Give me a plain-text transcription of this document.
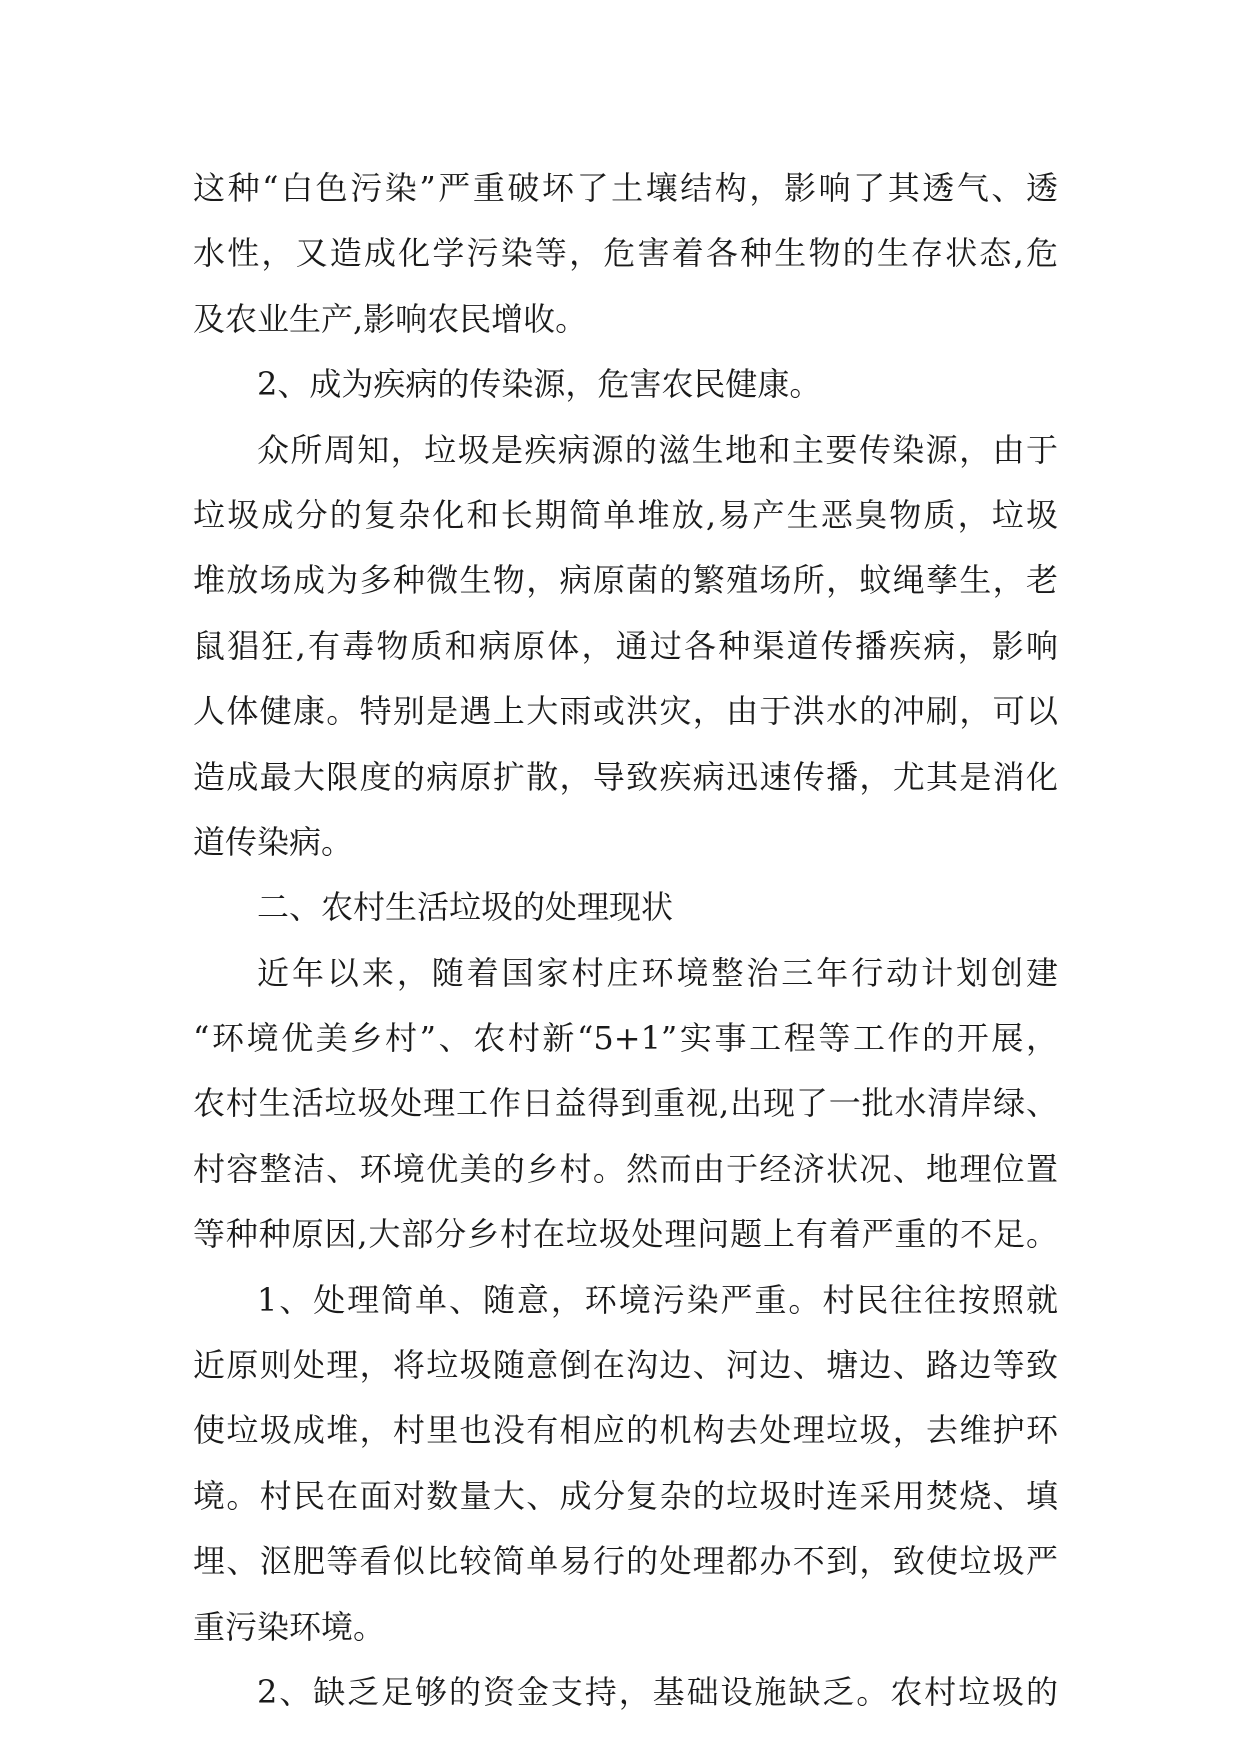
这种“白色污染”严重破坏了土壤结构，影响了其透气、透
水性，又造成化学污染等，危害着各种生物的生存状态,危
及农业生产,影响农民增收。
2、成为疾病的传染源，危害农民健康。
众所周知，垃圾是疾病源的滋生地和主要传染源，由于
垃圾成分的复杂化和长期简单堆放,易产生恶臭物质，垃圾
堆放场成为多种微生物，病原菌的繁殖场所，蚊绳孳生，老
鼠猖狂,有毒物质和病原体，通过各种渠道传播疾病，影响
人体健康。特别是遇上大雨或洪灾，由于洪水的冲刷，可以
造成最大限度的病原扩散，导致疾病迅速传播，尤其是消化
道传染病。
二、农村生活垃圾的处理现状
近年以来，随着国家村庄环境整治三年行动计划创建
“环境优美乡村”、农村新“5+1”实事工程等工作的开展，
农村生活垃圾处理工作日益得到重视,出现了一批水清岸绿、
村容整洁、环境优美的乡村。然而由于经济状况、地理位置
等种种原因,大部分乡村在垃圾处理问题上有着严重的不足。
1、处理简单、随意，环境污染严重。村民往往按照就
近原则处理，将垃圾随意倒在沟边、河边、塘边、路边等致
使垃圾成堆，村里也没有相应的机构去处理垃圾，去维护环
境。村民在面对数量大、成分复杂的垃圾时连采用焚烧、填
埋、沤肥等看似比较简单易行的处理都办不到，致使垃圾严
重污染环境。
2、缺乏足够的资金支持，基础设施缺乏。农村垃圾的
